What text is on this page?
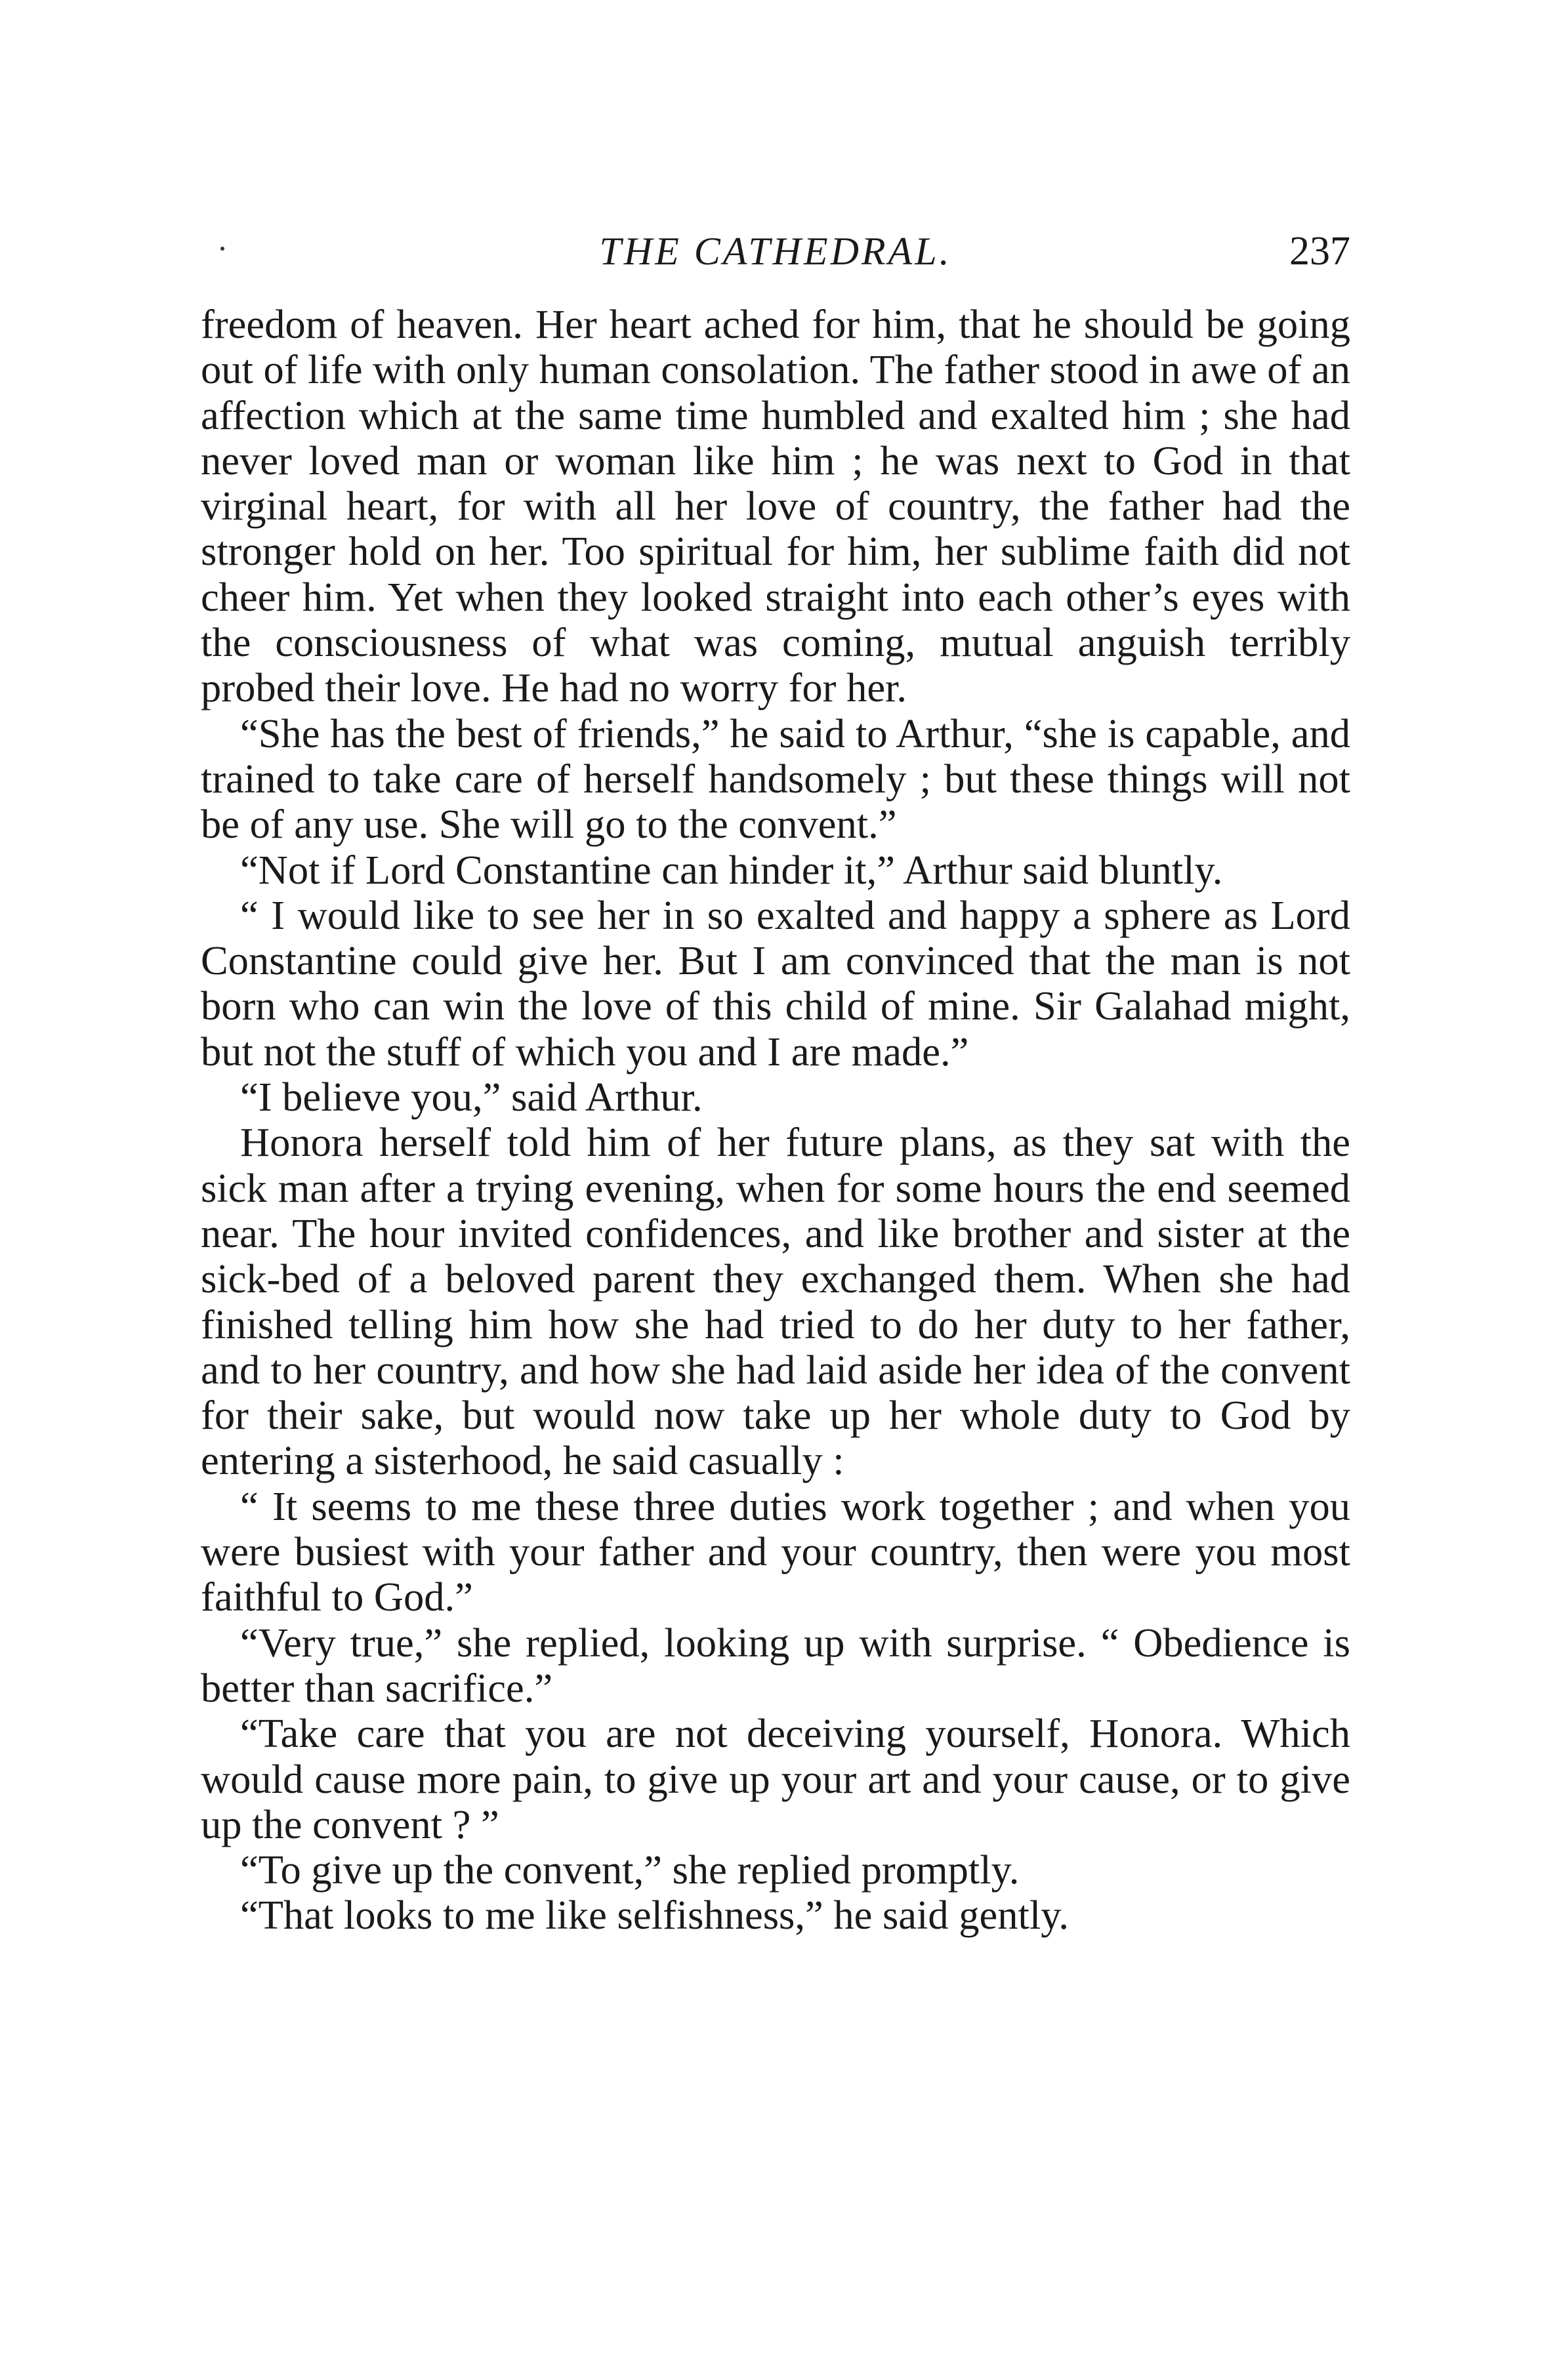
THE CATHEDRAL.	237

freedom of heaven. Her heart ached for him, that he should be going out of life with only human consolation. The father stood in awe of an affection which at the same time humbled and exalted him ; she had never loved man or woman like him ; he was next to God in that virginal heart, for with all her love of country, the father had the stronger hold on her. Too spiritual for him, her sublime faith did not cheer him. Yet when they looked straight into each other’s eyes with the consciousness of what was coming, mutual anguish terribly probed their love. He had no worry for her.

“She has the best of friends,” he said to Arthur, “she is capable, and trained to take care of herself handsomely ; but these things will not be of any use. She will go to the convent.”

“Not if Lord Constantine can hinder it,” Arthur said bluntly.

“ I would like to see her in so exalted and happy a sphere as Lord Constantine could give her. But I am convinced that the man is not born who can win the love of this child of mine. Sir Galahad might, but not the stuff of which you and I are made.”

“I believe you,” said Arthur.

Honora herself told him of her future plans, as they sat with the sick man after a trying evening, when for some hours the end seemed near. The hour invited confidences, and like brother and sister at the sick-bed of a beloved parent they exchanged them. When she had finished telling him how she had tried to do her duty to her father, and to her country, and how she had laid aside her idea of the convent for their sake, but would now take up her whole duty to God by entering a sisterhood, he said casually :

“ It seems to me these three duties work together ; and when you were busiest with your father and your country, then were you most faithful to God.”

“Very true,” she replied, looking up with surprise. “ Obedience is better than sacrifice.”

“Take care that you are not deceiving yourself, Honora. Which would cause more pain, to give up your art and your cause, or to give up the convent ? ”

“To give up the convent,” she replied promptly.

“That looks to me like selfishness,” he said gently.
